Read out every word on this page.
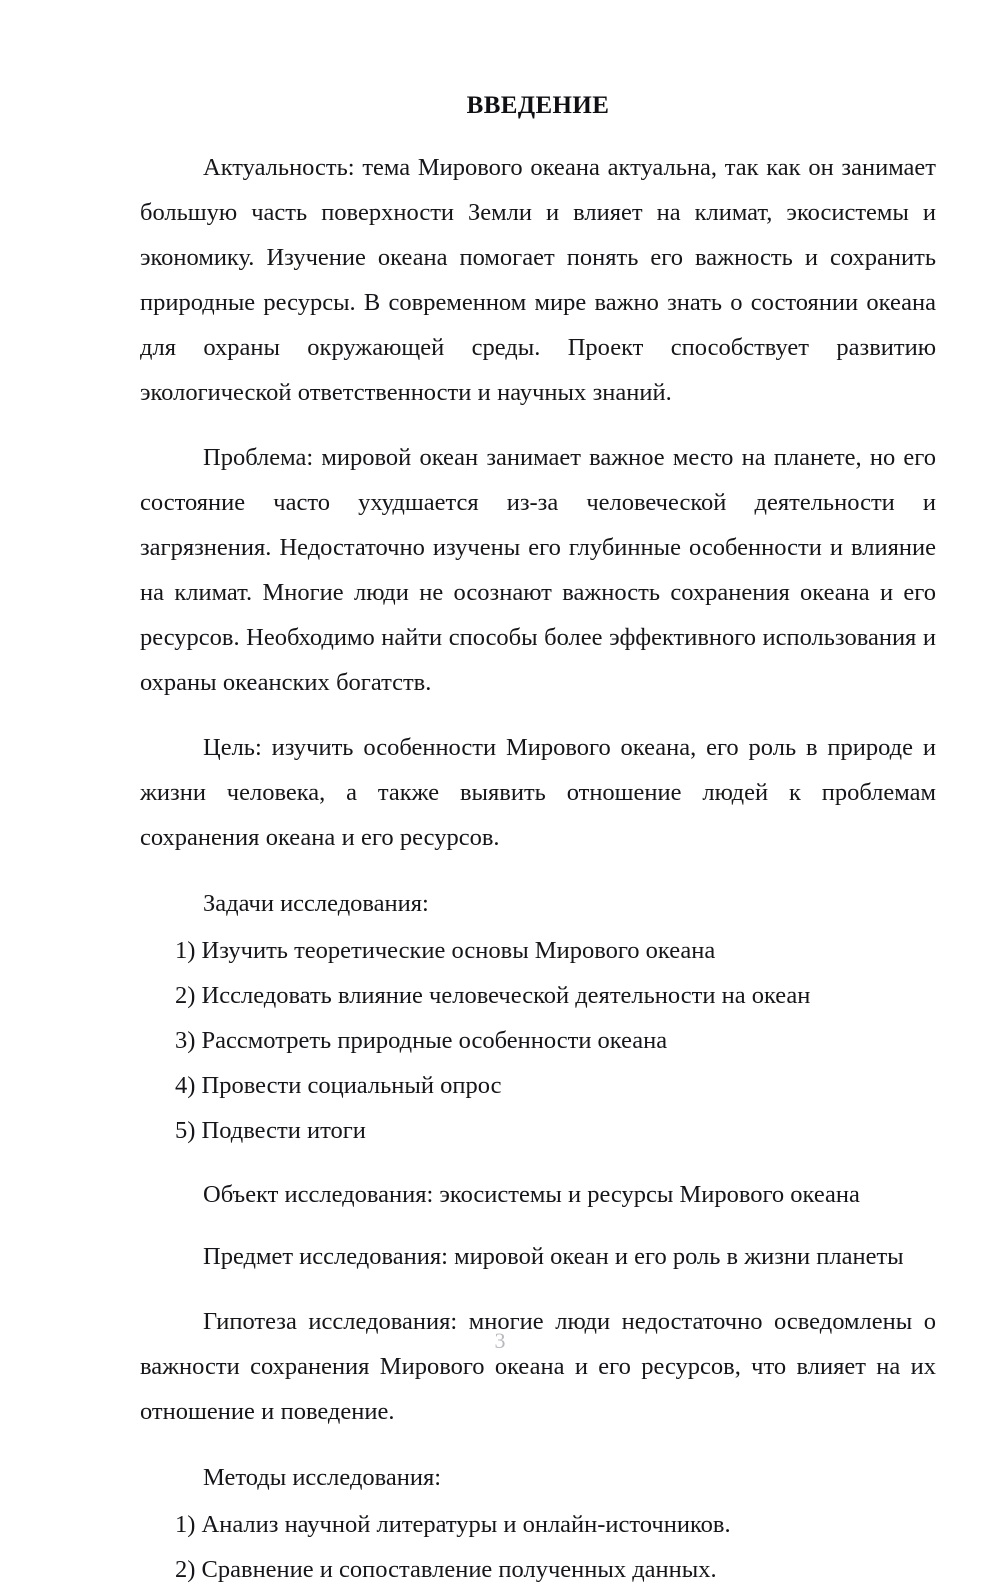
ВВЕДЕНИЕ

Актуальность: тема Мирового океана актуальна, так как он занимает большую часть поверхности Земли и влияет на климат, экосистемы и экономику. Изучение океана помогает понять его важность и сохранить природные ресурсы. В современном мире важно знать о состоянии океана для охраны окружающей среды. Проект способствует развитию экологической ответственности и научных знаний.

Проблема: мировой океан занимает важное место на планете, но его состояние часто ухудшается из-за человеческой деятельности и загрязнения. Недостаточно изучены его глубинные особенности и влияние на климат. Многие люди не осознают важность сохранения океана и его ресурсов. Необходимо найти способы более эффективного использования и охраны океанских богатств.

Цель: изучить особенности Мирового океана, его роль в природе и жизни человека, а также выявить отношение людей к проблемам сохранения океана и его ресурсов.

Задачи исследования:

1) Изучить теоретические основы Мирового океана
2) Исследовать влияние человеческой деятельности на океан
3) Рассмотреть природные особенности океана
4) Провести социальный опрос
5) Подвести итоги

Объект исследования: экосистемы и ресурсы Мирового океана

Предмет исследования: мировой океан и его роль в жизни планеты

Гипотеза исследования: многие люди недостаточно осведомлены о важности сохранения Мирового океана и его ресурсов, что влияет на их отношение и поведение.

Методы исследования:

1) Анализ научной литературы и онлайн-источников.
2) Сравнение и сопоставление полученных данных.
3
